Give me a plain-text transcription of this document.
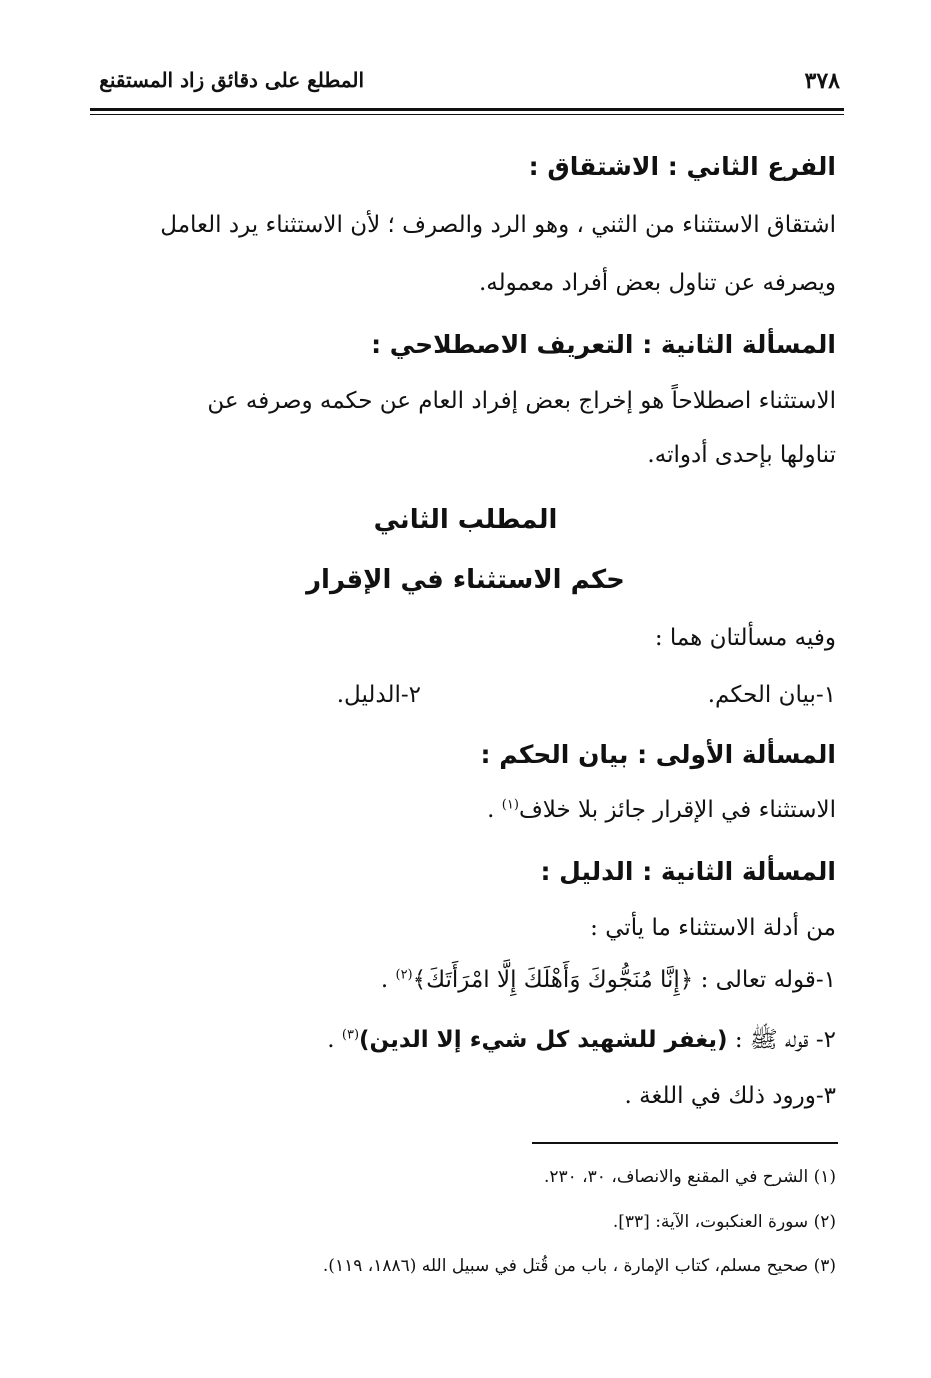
٣٧٨
المطلع على دقائق زاد المستقنع
الفرع الثاني : الاشتقاق :
اشتقاق الاستثناء من الثني ، وهو الرد والصرف ؛ لأن الاستثناء يرد العامل
ويصرفه عن تناول بعض أفراد معموله.
المسألة الثانية : التعريف الاصطلاحي :
الاستثناء اصطلاحاً هو إخراج بعض إفراد العام عن حكمه وصرفه عن
تناولها بإحدى أدواته.
المطلب الثاني
حكم الاستثناء في الإقرار
وفيه مسألتان هما :
١-بيان الحكم.
٢-الدليل.
المسألة الأولى : بيان الحكم :
الاستثناء في الإقرار جائز بلا خلاف$^{(١)}$ .
المسألة الثانية : الدليل :
من أدلة الاستثناء ما يأتي :
١-قوله تعالى : ﴿إِنَّا مُنَجُّوكَ وَأَهْلَكَ إِلَّا امْرَأَتَكَ﴾$^{(٢)}$ .
٢- قوله ﷺ : (يغفر للشهيد كل شيء إلا الدين)$^{(٣)}$ .
٣-ورود ذلك في اللغة .
(١) الشرح في المقنع والانصاف، ٣٠، ٢٣٠.
(٢) سورة العنكبوت، الآية: [٣٣].
(٣) صحيح مسلم، كتاب الإمارة ، باب من قُتل في سبيل الله (١٨٨٦، ١١٩).
